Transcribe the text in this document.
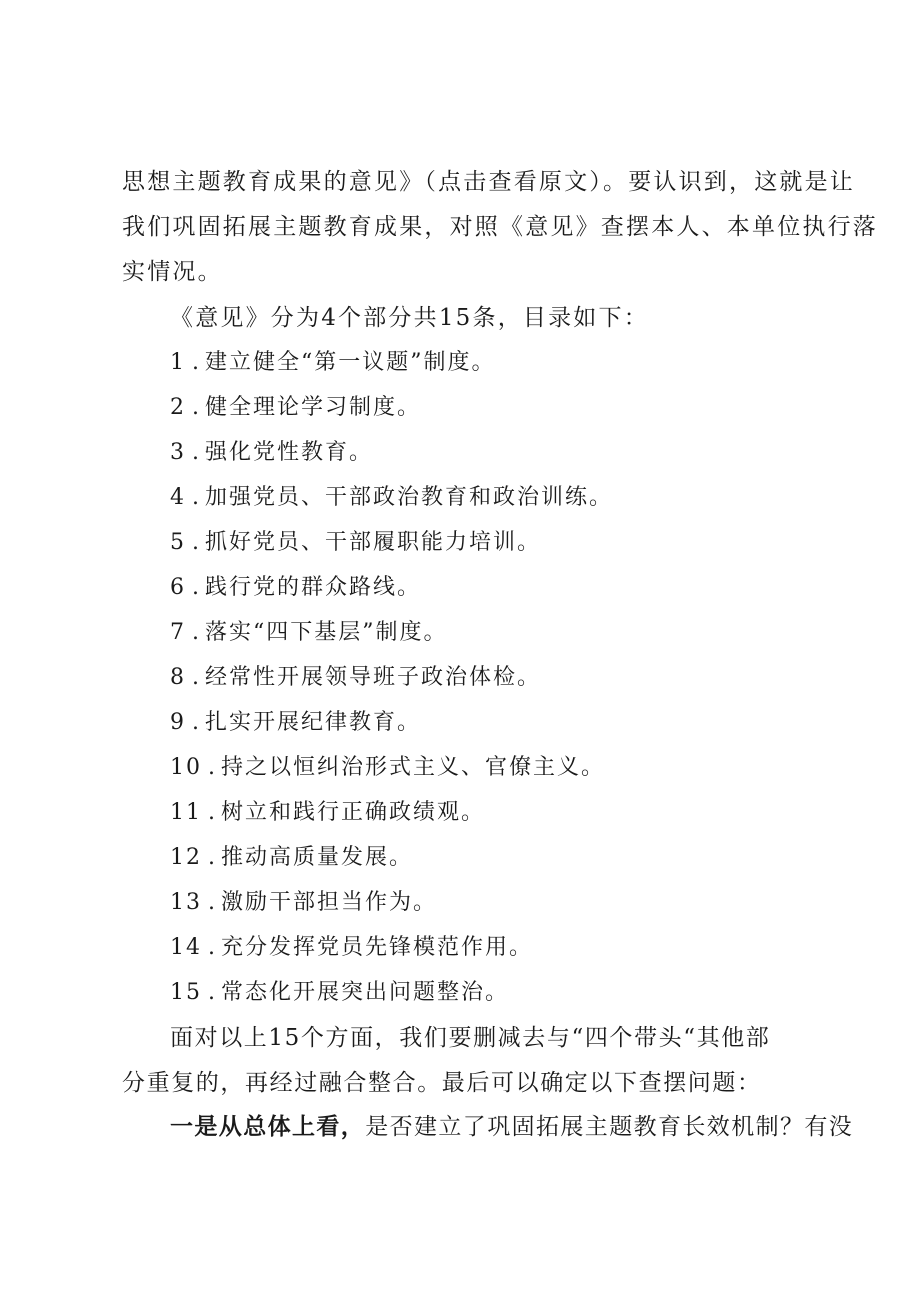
思想主题教育成果的意见》（点击查看原文）。要认识到，这就是让
我们巩固拓展主题教育成果，对照《意见》查摆本人、本单位执行落
实情况。
《意见》分为4个部分共15条，目录如下：
1 . 建立健全“第一议题”制度。
2 . 健全理论学习制度。
3 . 强化党性教育。
4 . 加强党员、干部政治教育和政治训练。
5 . 抓好党员、干部履职能力培训。
6 . 践行党的群众路线。
7 . 落实“四下基层”制度。
8 . 经常性开展领导班子政治体检。
9 . 扎实开展纪律教育。
10 . 持之以恒纠治形式主义、官僚主义。
11 . 树立和践行正确政绩观。
12 . 推动高质量发展。
13 . 激励干部担当作为。
14 . 充分发挥党员先锋模范作用。
15 . 常态化开展突出问题整治。
面对以上15个方面，我们要删减去与“四个带头“其他部
分重复的，再经过融合整合。最后可以确定以下查摆问题：
一是从总体上看，是否建立了巩固拓展主题教育长效机制？有没
